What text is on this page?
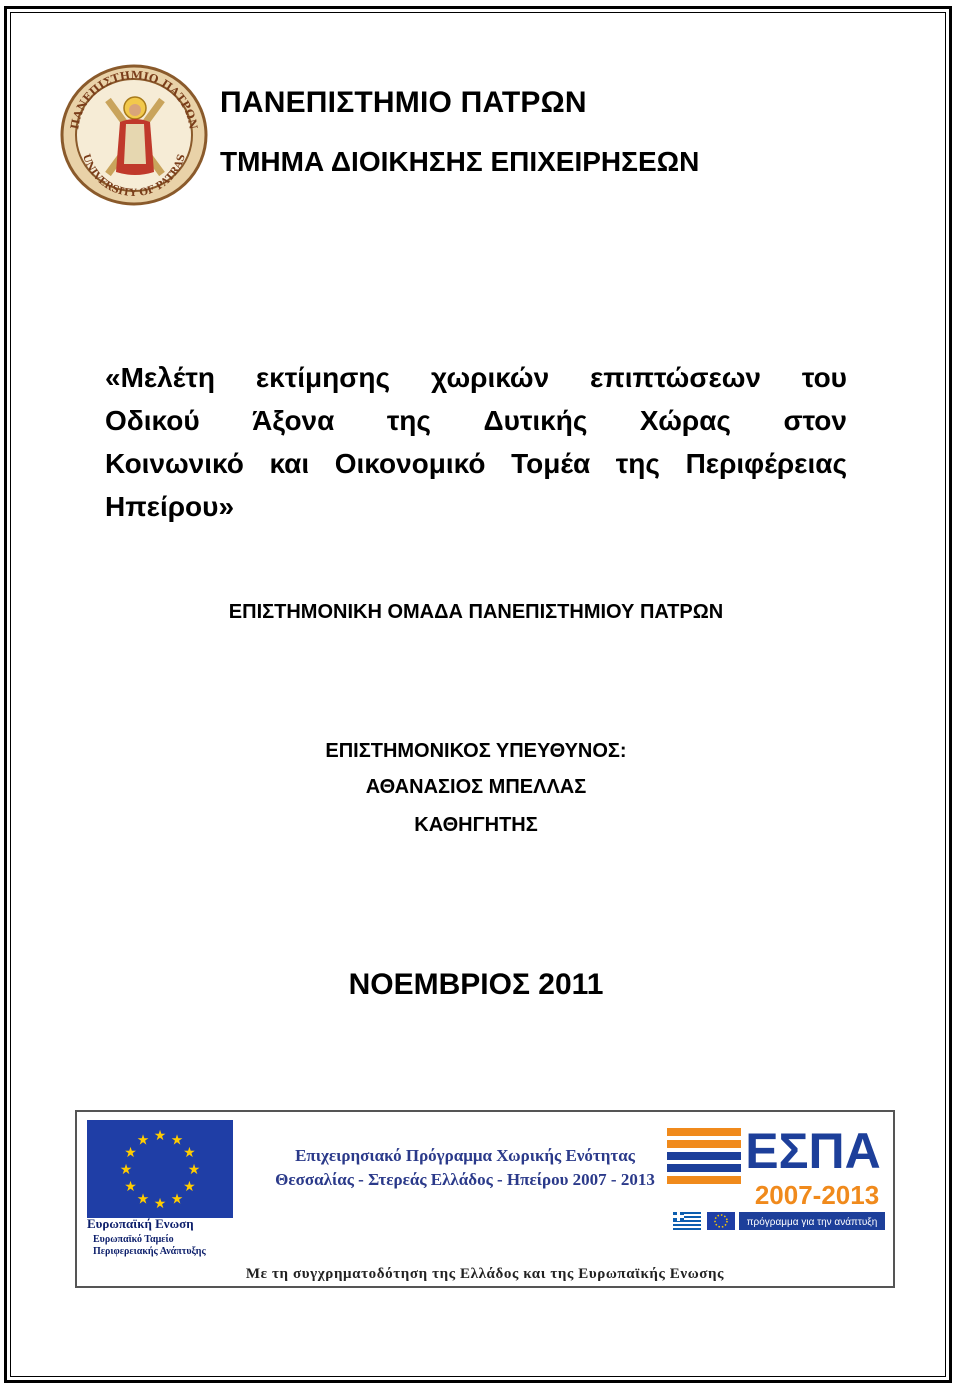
ΠΑΝΕΠΙΣΤΗΜΙΟ ΠΑΤΡΩΝ
UNIVERSITY OF PATRAS
ΠΑΝΕΠΙΣΤΗΜΙΟ ΠΑΤΡΩΝ
ΤΜΗΜΑ ΔΙΟΙΚΗΣΗΣ ΕΠΙΧΕΙΡΗΣΕΩΝ
«Μελέτη εκτίμησης χωρικών επιπτώσεων του
Οδικού Άξονα της Δυτικής Χώρας στον
Κοινωνικό και Οικονομικό Τομέα της Περιφέρειας
Ηπείρου»
ΕΠΙΣΤΗΜΟΝΙΚΗ ΟΜΑΔΑ ΠΑΝΕΠΙΣΤΗΜΙΟΥ ΠΑΤΡΩΝ
ΕΠΙΣΤΗΜΟΝΙΚΟΣ ΥΠΕΥΘΥΝΟΣ:
ΑΘΑΝΑΣΙΟΣ ΜΠΕΛΛΑΣ
ΚΑΘΗΓΗΤΗΣ
ΝΟΕΜΒΡΙΟΣ 2011
★ ★
★
★
★
★
★
★
★
★
★
★
Ευρωπαϊκή Ενωση
Ευρωπαϊκό Ταμείο
Περιφερειακής Ανάπτυξης
Επιχειρησιακό Πρόγραμμα Χωρικής Ενότητας
Θεσσαλίας - Στερεάς Ελλάδος - Ηπείρου 2007 - 2013
ΕΣΠΑ
2007-2013
πρόγραμμα για την ανάπτυξη
Με τη συγχρηματοδότηση της Ελλάδος και της Ευρωπαϊκής Ενωσης
